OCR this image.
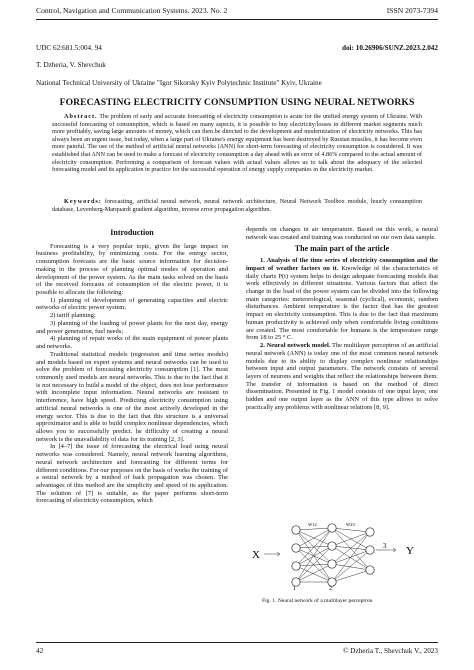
Control, Navigation and Communication Systems. 2023. No. 2	ISSN 2073-7394
UDC 62:681.5:004. 94	doi: 10.26906/SUNZ.2023.2.042
T. Dzheria, V. Shevchuk
National Technical University of Ukraine "Igor Sikorsky Kyiv Polytechnic Institute" Kyiv, Ukraine
FORECASTING ELECTRICITY CONSUMPTION USING NEURAL NETWORKS
Abstract. The problem of early and accurate forecasting of electricity consumption is acute for the unified energy system of Ukraine. With successful forecasting of consumption, which is based on many aspects, it is possible to buy electricity/losses in different market segments much more profitably, saving large amounts of money, which can then be directed to the development and modernization of electricity networks. This has always been an urgent issue, but today, when a large part of Ukraine's energy equipment has been destroyed by Russian missiles, it has become even more painful. The use of the method of artificial neural networks (ANN) for short-term forecasting of electricity consumption is considered. It was established that ANN can be used to make a forecast of electricity consumption a day ahead with an error of 4.86% compared to the actual amount of electricity consumption. Performing a comparison of forecast values with actual values allows us to talk about the adequacy of the selected forecasting model and its application in practice for the successful operation of energy supply companies in the electricity market.
Keywords: forecasting, artificial neural network, neural network architecture, Neural Network Toolbox module, hourly consumption database, Levenberg-Marquardt gradient algorithm, inverse error propagation algorithm.
Introduction

Forecasting is a very popular topic, given the large impact on business profitability, by minimizing costs. For the energy sector, consumption forecasts are the basic source information for decision-making in the process of planning optimal modes of operation and development of the power system. As the main tasks solved on the basis of the received forecasts of consumption of the electric power, it is possible to allocate the following:

1) planning of development of generating capacities and electric networks of electric power system;

2) tariff planning;

3) planning of the loading of power plants for the next day, energy and power generation, fuel needs;

4) planning of repair works of the main equipment of power plants and networks.

Traditional statistical models (regression and time series models) and models based on expert systems and neural networks can be used to solve the problem of forecasting electricity consumption [1]. The most commonly used models are neural networks. This is due to the fact that it is not necessary to build a model of the object, does not lose performance with incomplete input information. Neural networks are resistant to interference, have high speed. Predicting electricity consumption using artificial neural networks is one of the most actively developed in the energy sector. This is due to the fact that this structure is a universal approximator and is able to build complex nonlinear dependencies, which allows you to successfully predict. he difficulty of creating a neural network is the unavailability of data for its training [2, 3].

In [4–7] the issue of forecasting the electrical load using neural networks was considered. Namely, neural network learning algorithms, neural network architecture and forecasting for different terms for different conditions. For our purposes on the basis of works the training of a neural network by a method of back propagation was chosen. The advantages of this method are the simplicity and speed of its application. The solution of [7] is suitable, as the paper performs short-term forecasting of electricity consumption, which

depends on changes in air temperature. Based on this work, a neural network was created and training was conducted on our own data sample.

The main part of the article

1. Analysis of the time series of electricity consumption and the impact of weather factors on it. Knowledge of the characteristics of daily charts P(t) system helps to design adequate forecasting models that work effectively in different situations. Various factors that affect the change in the load of the power system can be divided into the following main categories: meteorological, seasonal (cyclical), economic, random disturbances. Ambient temperature is the factor that has the greatest impact on electricity consumption. This is due to the fact that maximum human productivity is achieved only when comfortable living conditions are created. The most comfortable for humans is the temperature range from 18 to 25 ° C.

2. Neural network model. The multilayer perceptron of an artificial neural network (ANN) is today one of the most common neural network models due to its ability to display complex nonlinear relationships between input and output parameters. The network consists of several layers of neurons and weights that reflect the relationships between them. The transfer of information is based on the method of direct dissemination. Presented in Fig. 1 model consists of one input layer, one hidden and one output layer as the ANN of this type allows to solve practically any problems with nonlinear relations [8, 9].

X	Y
W12	W23
1	2
3
Fig. 1. Neural network of a multilayer perceptron
42	© Dzheria T., Shevchuk V., 2023
